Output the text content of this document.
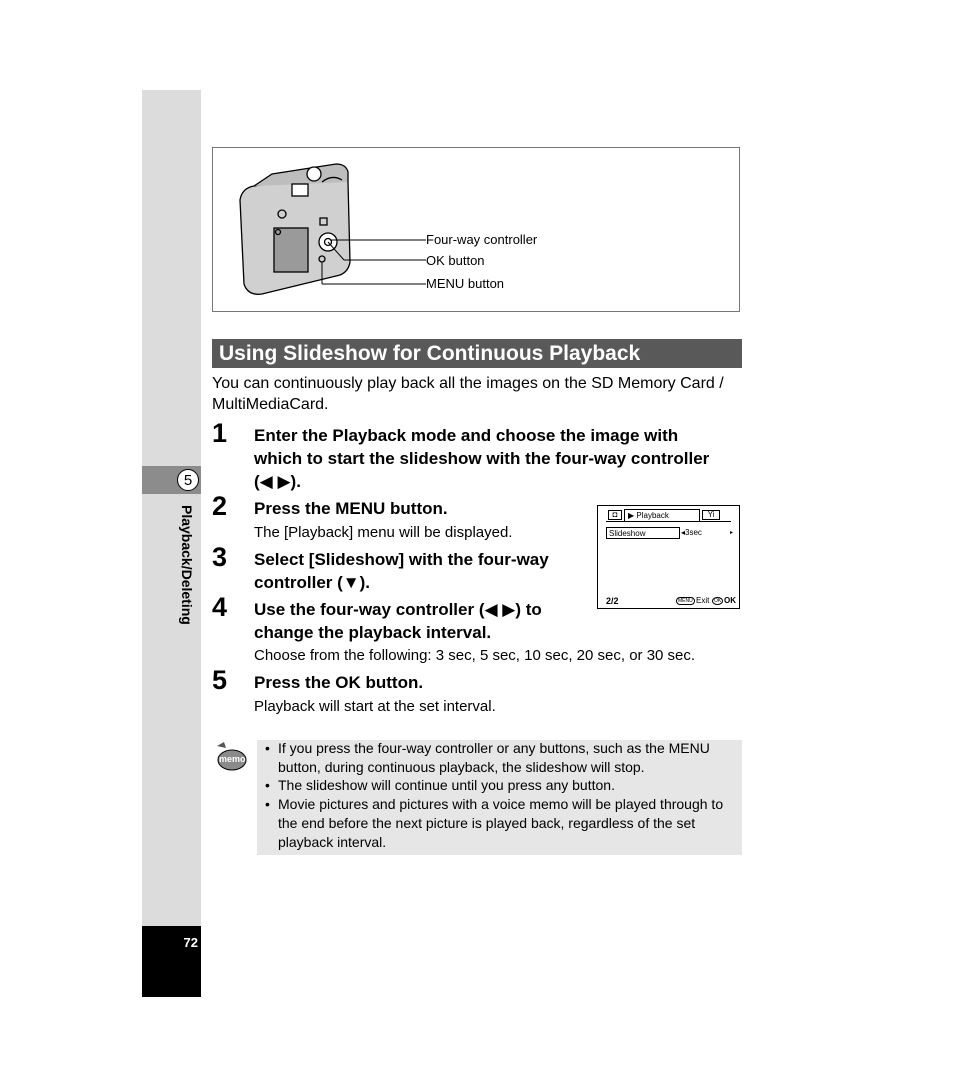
5
Playback/Deleting
72
Four-way controller
OK button
MENU button
Using Slideshow for Continuous Playback
You can continuously play back all the images on the SD Memory Card / MultiMediaCard.
1 Enter the Playback mode and choose the image with which to start the slideshow with the four-way controller (◀ ▶).
2 Press the MENU button.
The [Playback] menu will be displayed.
3 Select [Slideshow] with the four-way controller (▼).
4 Use the four-way controller (◀ ▶) to change the playback interval.
Choose from the following: 3 sec, 5 sec, 10 sec, 20 sec, or 30 sec.
5 Press the OK button.
Playback will start at the set interval.
◘	▶ Playback	Yi
Slideshow	◂3sec	▸
2/2	MENU Exit OK OK
memo
• If you press the four-way controller or any buttons, such as the MENU button, during continuous playback, the slideshow will stop.
• The slideshow will continue until you press any button.
• Movie pictures and pictures with a voice memo will be played through to the end before the next picture is played back, regardless of the set playback interval.
